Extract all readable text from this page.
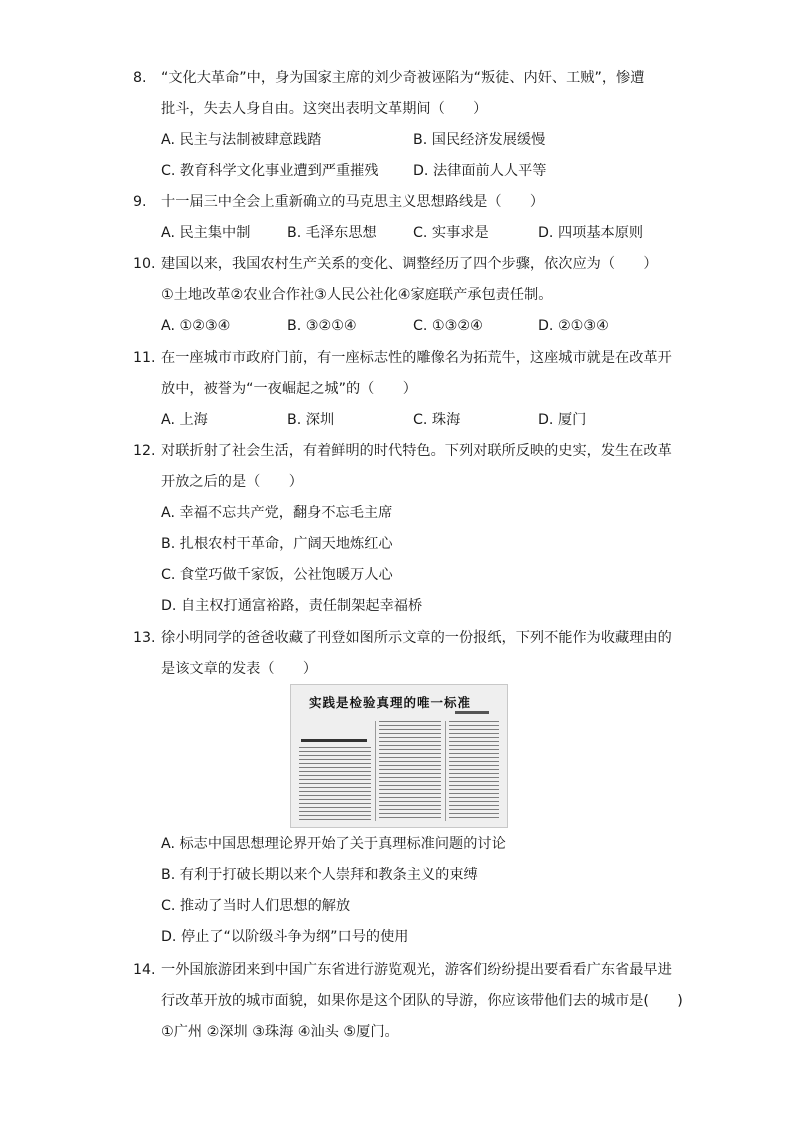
8.	“文化大革命”中，身为国家主席的刘少奇被诬陷为“叛徒、内奸、工贼”，惨遭
批斗，失去人身自由。这突出表明文革期间（　　）
A. 民主与法制被肆意践踏	B. 国民经济发展缓慢
C. 教育科学文化事业遭到严重摧残 D. 法律面前人人平等
9.	十一届三中全会上重新确立的马克思主义思想路线是（　　）
A. 民主集中制	B. 毛泽东思想	C. 实事求是	D. 四项基本原则
10. 建国以来，我国农村生产关系的变化、调整经历了四个步骤，依次应为（　　）
①土地改革②农业合作社③人民公社化④家庭联产承包责任制。
A. ①②③④	B. ③②①④	C. ①③②④	D. ②①③④
11. 在一座城市市政府门前，有一座标志性的雕像名为拓荒牛，这座城市就是在改革开
放中，被誉为“一夜崛起之城”的（　　）
A. 上海	B. 深圳	C. 珠海	D. 厦门
12. 对联折射了社会生活，有着鲜明的时代特色。下列对联所反映的史实，发生在改革
开放之后的是（　　）
A. 幸福不忘共产党，翻身不忘毛主席
B. 扎根农村干革命，广阔天地炼红心
C. 食堂巧做千家饭，公社饱暖万人心
D. 自主权打通富裕路，责任制架起幸福桥
13. 徐小明同学的爸爸收藏了刊登如图所示文章的一份报纸，下列不能作为收藏理由的
是该文章的发表（　　）
实践是检验真理的唯一标准
A. 标志中国思想理论界开始了关于真理标准问题的讨论
B. 有利于打破长期以来个人崇拜和教条主义的束缚
C. 推动了当时人们思想的解放
D. 停止了“以阶级斗争为纲”口号的使用
14. 一外国旅游团来到中国广东省进行游览观光，游客们纷纷提出要看看广东省最早进
行改革开放的城市面貌，如果你是这个团队的导游，你应该带他们去的城市是(　　)
①广州 ②深圳 ③珠海 ④汕头 ⑤厦门。
